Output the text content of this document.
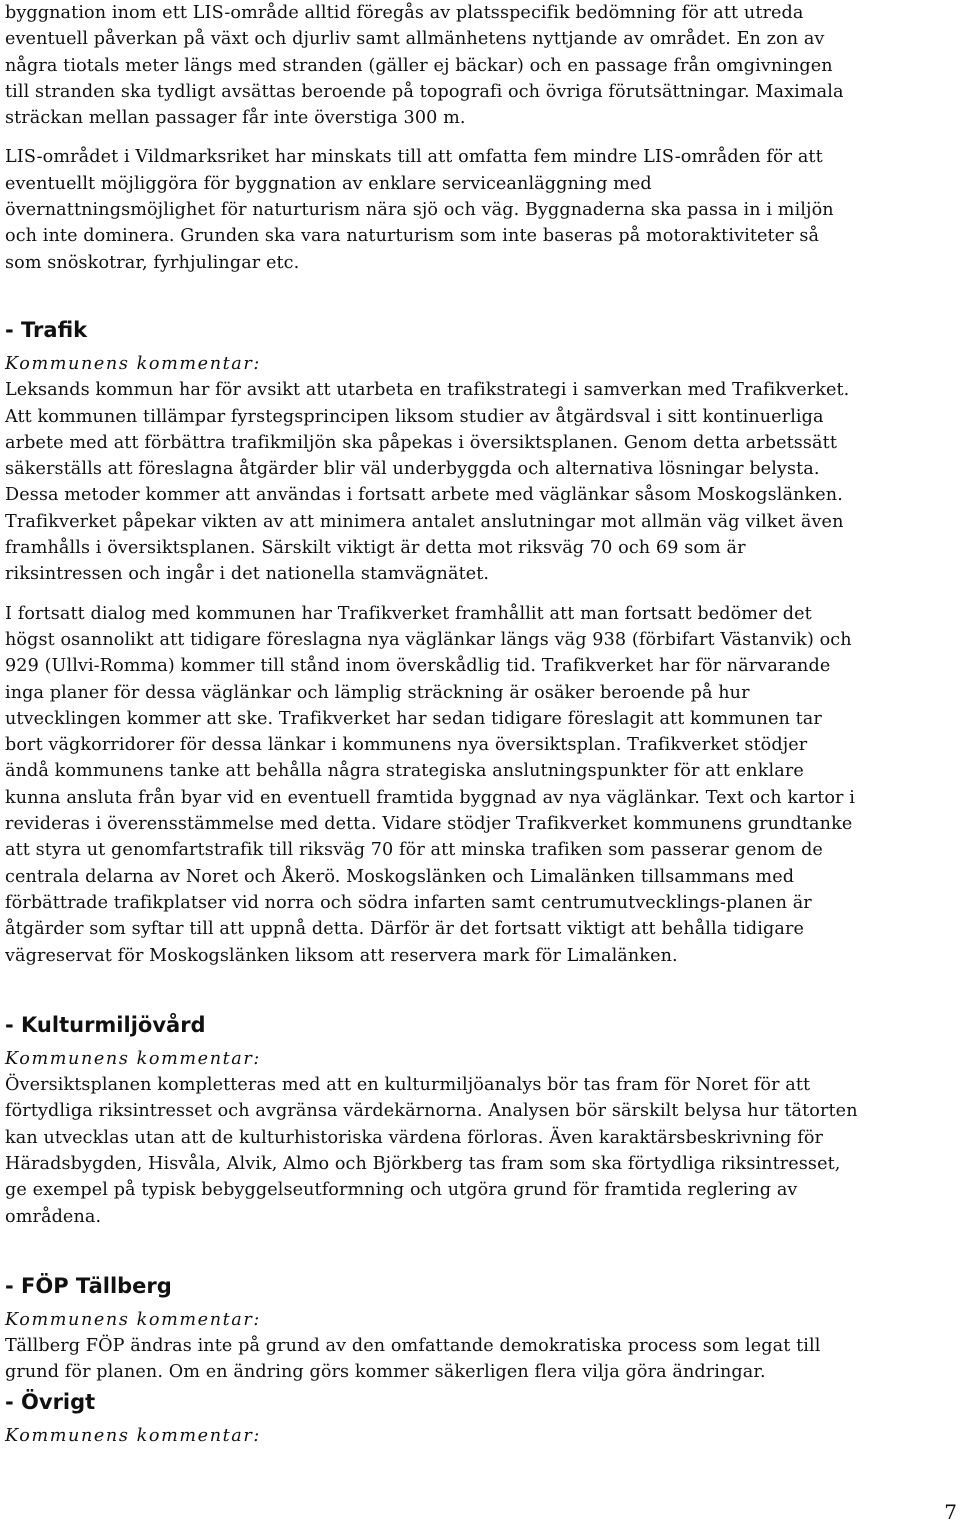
byggnation inom ett LIS-område alltid föregås av platsspecifik bedömning för att utreda
eventuell påverkan på växt och djurliv samt allmänhetens nyttjande av området. En zon av
några tiotals meter längs med stranden (gäller ej bäckar) och en passage från omgivningen
till stranden ska tydligt avsättas beroende på topografi och övriga förutsättningar. Maximala
sträckan mellan passager får inte överstiga 300 m.
LIS-området i Vildmarksriket har minskats till att omfatta fem mindre LIS-områden för att
eventuellt möjliggöra för byggnation av enklare serviceanläggning med
övernattningsmöjlighet för naturturism nära sjö och väg. Byggnaderna ska passa in i miljön
och inte dominera. Grunden ska vara naturturism som inte baseras på motoraktiviteter så
som snöskotrar, fyrhjulingar etc.
- Trafik
Kommunens kommentar:
Leksands kommun har för avsikt att utarbeta en trafikstrategi i samverkan med Trafikverket.
Att kommunen tillämpar fyrstegsprincipen liksom studier av åtgärdsval i sitt kontinuerliga
arbete med att förbättra trafikmiljön ska påpekas i översiktsplanen. Genom detta arbetssätt
säkerställs att föreslagna åtgärder blir väl underbyggda och alternativa lösningar belysta.
Dessa metoder kommer att användas i fortsatt arbete med väglänkar såsom Moskogslänken.
Trafikverket påpekar vikten av att minimera antalet anslutningar mot allmän väg vilket även
framhålls i översiktsplanen. Särskilt viktigt är detta mot riksväg 70 och 69 som är
riksintressen och ingår i det nationella stamvägnätet.
I fortsatt dialog med kommunen har Trafikverket framhållit att man fortsatt bedömer det
högst osannolikt att tidigare föreslagna nya väglänkar längs väg 938 (förbifart Västanvik) och
929 (Ullvi-Romma) kommer till stånd inom överskådlig tid. Trafikverket har för närvarande
inga planer för dessa väglänkar och lämplig sträckning är osäker beroende på hur
utvecklingen kommer att ske. Trafikverket har sedan tidigare föreslagit att kommunen tar
bort vägkorridorer för dessa länkar i kommunens nya översiktsplan. Trafikverket stödjer
ändå kommunens tanke att behålla några strategiska anslutningspunkter för att enklare
kunna ansluta från byar vid en eventuell framtida byggnad av nya väglänkar. Text och kartor i
revideras i överensstämmelse med detta. Vidare stödjer Trafikverket kommunens grundtanke
att styra ut genomfartstrafik till riksväg 70 för att minska trafiken som passerar genom de
centrala delarna av Noret och Åkerö. Moskogslänken och Limalänken tillsammans med
förbättrade trafikplatser vid norra och södra infarten samt centrumutvecklings-planen är
åtgärder som syftar till att uppnå detta. Därför är det fortsatt viktigt att behålla tidigare
vägreservat för Moskogslänken liksom att reservera mark för Limalänken.
- Kulturmiljövård
Kommunens kommentar:
Översiktsplanen kompletteras med att en kulturmiljöanalys bör tas fram för Noret för att
förtydliga riksintresset och avgränsa värdekärnorna. Analysen bör särskilt belysa hur tätorten
kan utvecklas utan att de kulturhistoriska värdena förloras. Även karaktärsbeskrivning för
Häradsbygden, Hisvåla, Alvik, Almo och Björkberg tas fram som ska förtydliga riksintresset,
ge exempel på typisk bebyggelseutformning och utgöra grund för framtida reglering av
områdena.
- FÖP Tällberg
Kommunens kommentar:
Tällberg FÖP ändras inte på grund av den omfattande demokratiska process som legat till
grund för planen. Om en ändring görs kommer säkerligen flera vilja göra ändringar.
- Övrigt
Kommunens kommentar:
7
